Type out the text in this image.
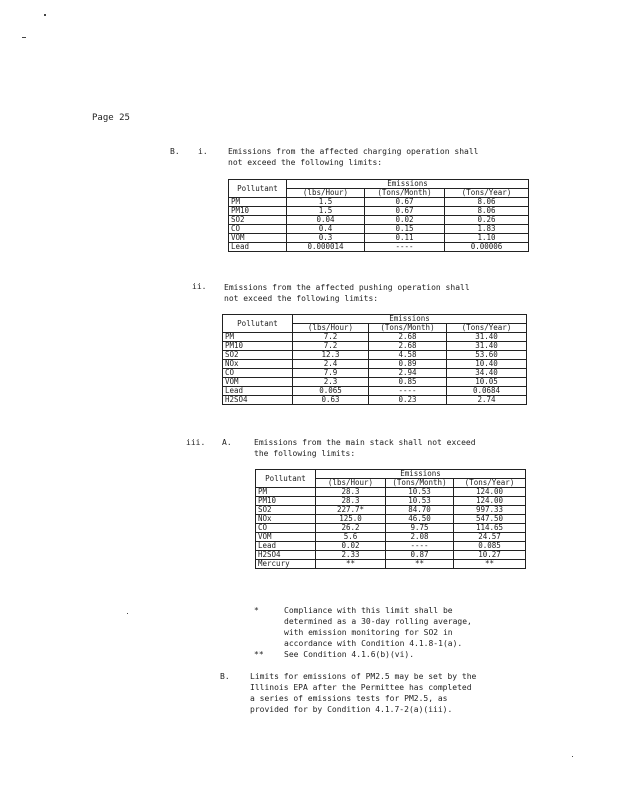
Page 25
B. i.	Emissions from the affected charging operation shall
not exceed the following limits:
Pollutant	Emissions		
	(lbs/Hour)	(Tons/Month)	(Tons/Year)
PM	1.5	0.67	8.06
PM10	1.5	0.67	8.06
SO2	0.04	0.02	0.26
CO	0.4	0.15	1.83
VOM	0.3	0.11	1.10
Lead	0.000014	----	0.00006
ii. Emissions from the affected pushing operation shall
not exceed the following limits:
Pollutant	Emissions		
	(lbs/Hour)	(Tons/Month)	(Tons/Year)
PM	7.2	2.68	31.40
PM10	7.2	2.68	31.40
SO2	12.3	4.58	53.60
NOx	2.4	0.89	10.40
CO	7.9	2.94	34.40
VOM	2.3	0.85	10.05
Lead	0.065	----	0.0684
H2SO4	0.63	0.23	2.74
iii. A.	Emissions from the main stack shall not exceed
the following limits:
Pollutant	Emissions		
	(lbs/Hour)	(Tons/Month)	(Tons/Year)
PM	28.3	10.53	124.00
PM10	28.3	10.53	124.00
SO2	227.7*	84.70	997.33
NOx	125.0	46.50	547.50
CO	26.2	9.75	114.65
VOM	5.6	2.08	24.57
Lead	0.02	----	0.085
H2SO4	2.33	0.87	10.27
Mercury	**	**	**
*	Compliance with this limit shall be
determined as a 30-day rolling average,
with emission monitoring for SO2 in
accordance with Condition 4.1.8-1(a).
**	See Condition 4.1.6(b)(vi).
B.	Limits for emissions of PM2.5 may be set by the
Illinois EPA after the Permittee has completed
a series of emissions tests for PM2.5, as
provided for by Condition 4.1.7-2(a)(iii).
